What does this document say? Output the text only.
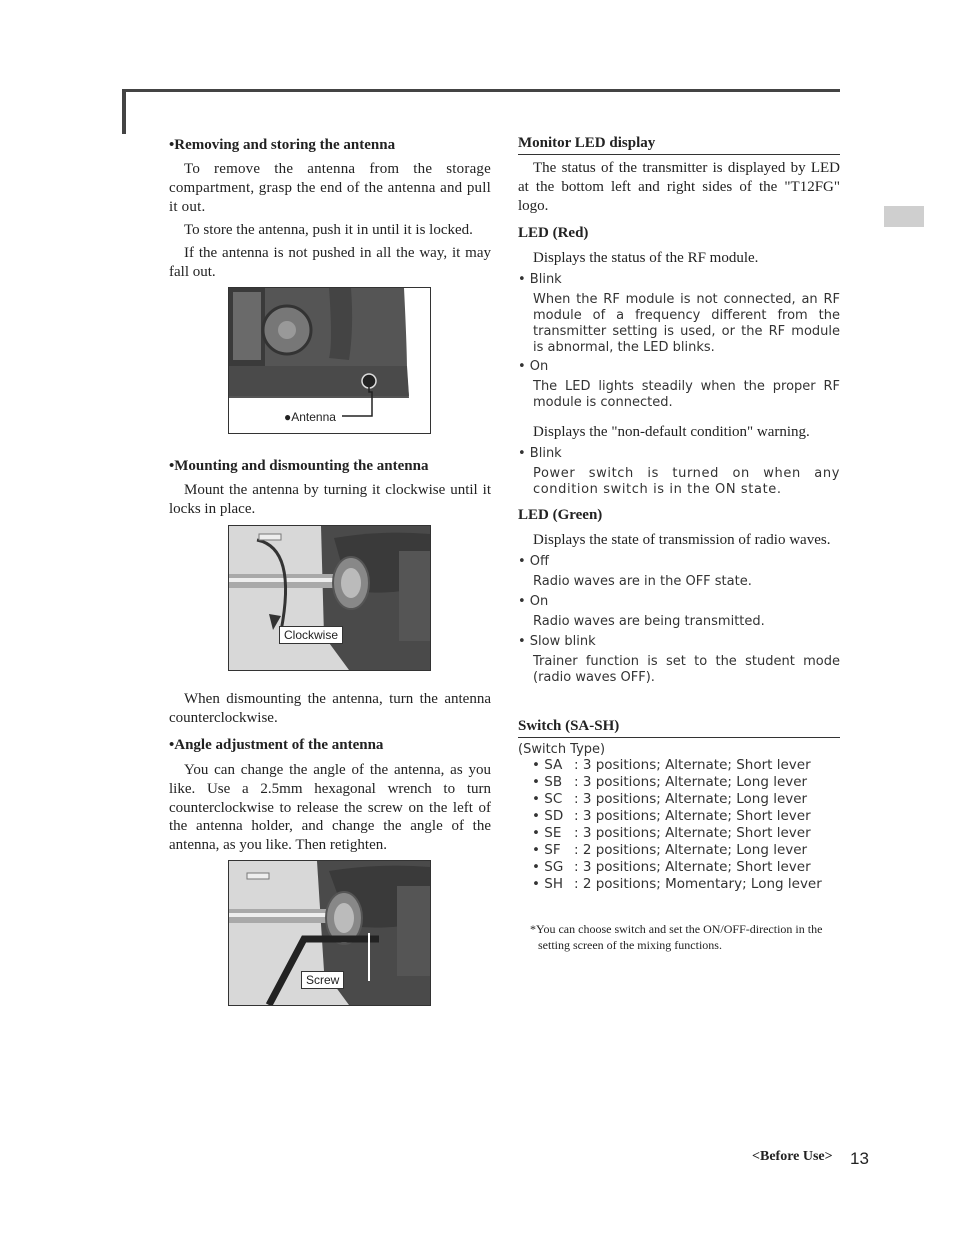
•Removing and storing the antenna

To remove the antenna from the storage compartment, grasp the end of the antenna and pull it out.

To store the antenna, push it in until it is locked.

If the antenna is not pushed in all the way, it may fall out.

●Antenna
•Mounting and dismounting the antenna

Mount the antenna by turning it clockwise until it locks in place.

Clockwise

When dismounting the antenna, turn the antenna counterclockwise.

•Angle adjustment of the antenna

You can change the angle of the antenna, as you like. Use a 2.5mm hexagonal wrench to turn counterclockwise to release the screw on the left of the antenna holder, and change the angle of the antenna, as you like. Then retighten.

Screw
Monitor LED display

The status of the transmitter is displayed by LED at the bottom left and right sides of the "T12FG" logo.

LED (Red)

Displays the status of the RF module.

• Blink
When the RF module is not connected, an RF module of a frequency different from the transmitter setting is used, or the RF module is abnormal, the LED blinks.
• On
The LED lights steadily when the proper RF module is connected.

Displays the "non-default condition" warning.

• Blink
Power switch is turned on when any condition switch is in the ON state.
LED (Green)

Displays the state of transmission of radio waves.

• Off
Radio waves are in the OFF state.
• On
Radio waves are being transmitted.
• Slow blink
Trainer function is set to the student mode (radio waves OFF).
Switch (SA-SH)
(Switch Type)
• SA : 3 positions; Alternate; Short lever
• SB : 3 positions; Alternate; Long lever
• SC : 3 positions; Alternate; Long lever
• SD : 3 positions; Alternate; Short lever
• SE : 3 positions; Alternate; Short lever
• SF : 2 positions; Alternate; Long lever
• SG : 3 positions; Alternate; Short lever
• SH : 2 positions; Momentary; Long lever
*You can choose switch and set the ON/OFF-direction in the setting screen of the mixing functions.
<Before Use> 13
